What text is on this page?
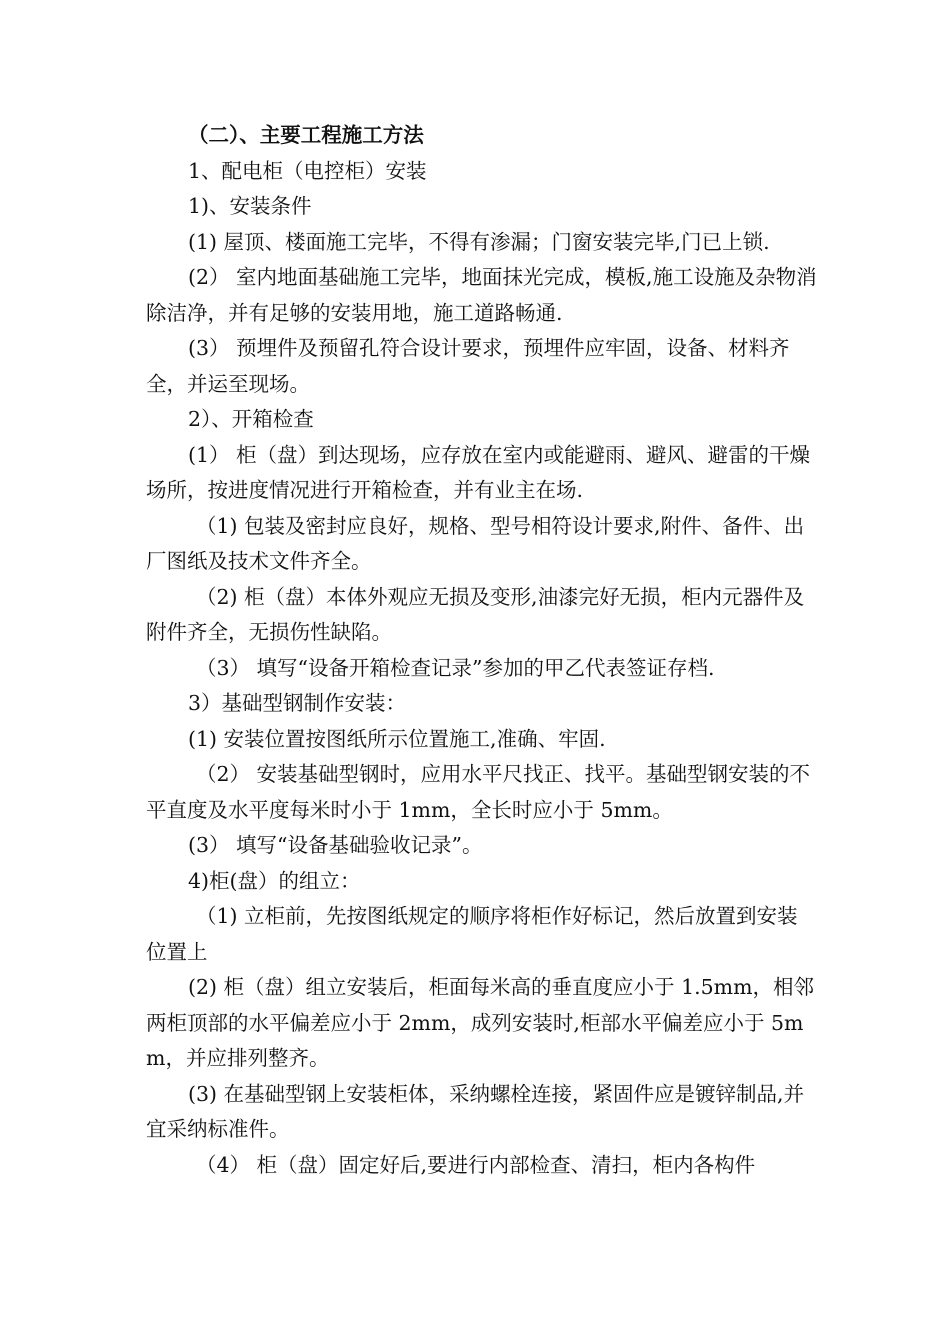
（二）、主要工程施工方法

1、配电柜（电控柜）安装

1)、安装条件

(1) 屋顶、楼面施工完毕，不得有渗漏；门窗安装完毕,门已上锁.

(2） 室内地面基础施工完毕，地面抹光完成，模板,施工设施及杂物消除洁净，并有足够的安装用地，施工道路畅通.

(3） 预埋件及预留孔符合设计要求，预埋件应牢固，设备、材料齐全，并运至现场。

2）、开箱检查

(1） 柜（盘）到达现场，应存放在室内或能避雨、避风、避雷的干燥场所，按进度情况进行开箱检查，并有业主在场.

（1) 包装及密封应良好，规格、型号相符设计要求,附件、备件、出厂图纸及技术文件齐全。

（2) 柜（盘）本体外观应无损及变形,油漆完好无损，柜内元器件及附件齐全，无损伤性缺陷。

（3） 填写“设备开箱检查记录”参加的甲乙代表签证存档.

3）基础型钢制作安装：

(1) 安装位置按图纸所示位置施工,准确、牢固.

（2） 安装基础型钢时，应用水平尺找正、找平。基础型钢安装的不平直度及水平度每米时小于 1mm，全长时应小于 5mm。

(3） 填写“设备基础验收记录”。

4)柜(盘）的组立：

（1) 立柜前，先按图纸规定的顺序将柜作好标记，然后放置到安装位置上

(2) 柜（盘）组立安装后，柜面每米高的垂直度应小于 1.5mm，相邻两柜顶部的水平偏差应小于 2mm，成列安装时,柜部水平偏差应小于 5mm，并应排列整齐。

(3) 在基础型钢上安装柜体，采纳螺栓连接，紧固件应是镀锌制品,并宜采纳标准件。

（4） 柜（盘）固定好后,要进行内部检查、清扫，柜内各构件
